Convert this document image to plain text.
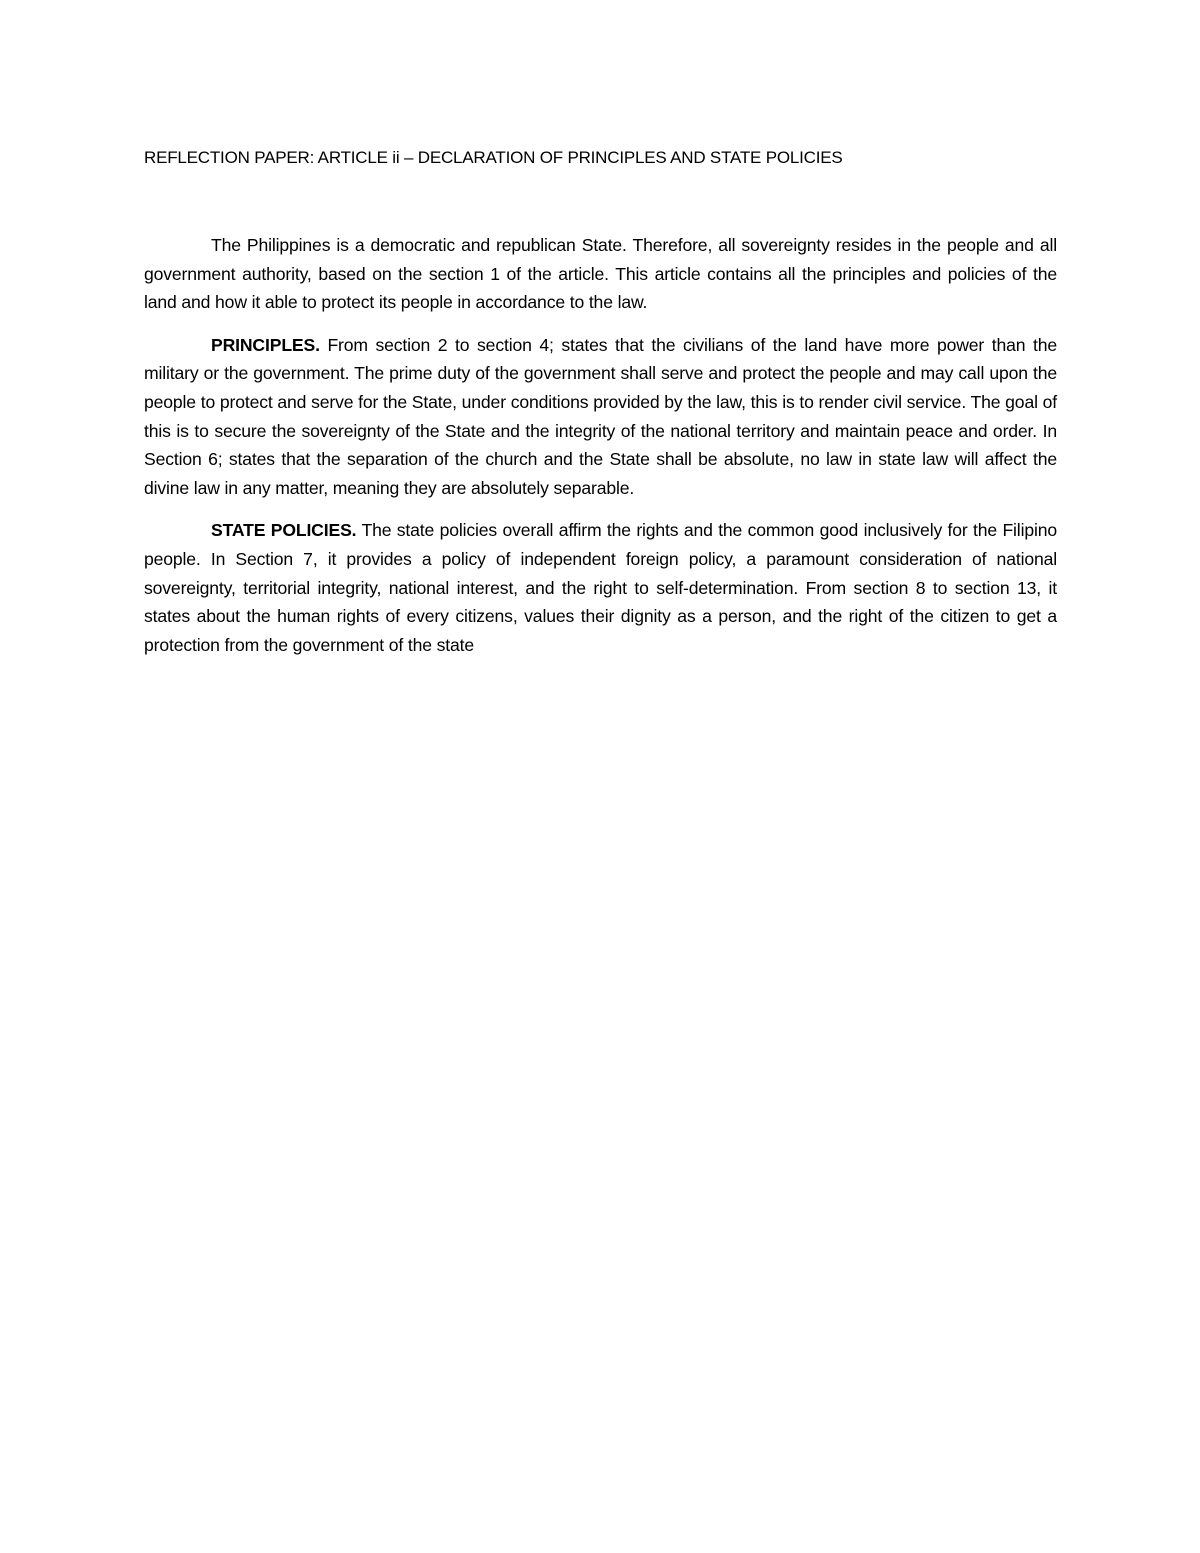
REFLECTION PAPER: ARTICLE ii – DECLARATION OF PRINCIPLES AND STATE POLICIES

The Philippines is a democratic and republican State. Therefore, all sovereignty resides in the people and all government authority, based on the section 1 of the article. This article contains all the principles and policies of the land and how it able to protect its people in accordance to the law.

PRINCIPLES. From section 2 to section 4; states that the civilians of the land have more power than the military or the government. The prime duty of the government shall serve and protect the people and may call upon the people to protect and serve for the State, under conditions provided by the law, this is to render civil service. The goal of this is to secure the sovereignty of the State and the integrity of the national territory and maintain peace and order. In Section 6; states that the separation of the church and the State shall be absolute, no law in state law will affect the divine law in any matter, meaning they are absolutely separable.

STATE POLICIES. The state policies overall affirm the rights and the common good inclusively for the Filipino people. In Section 7, it provides a policy of independent foreign policy, a paramount consideration of national sovereignty, territorial integrity, national interest, and the right to self-determination. From section 8 to section 13, it states about the human rights of every citizens, values their dignity as a person, and the right of the citizen to get a protection from the government of the state
